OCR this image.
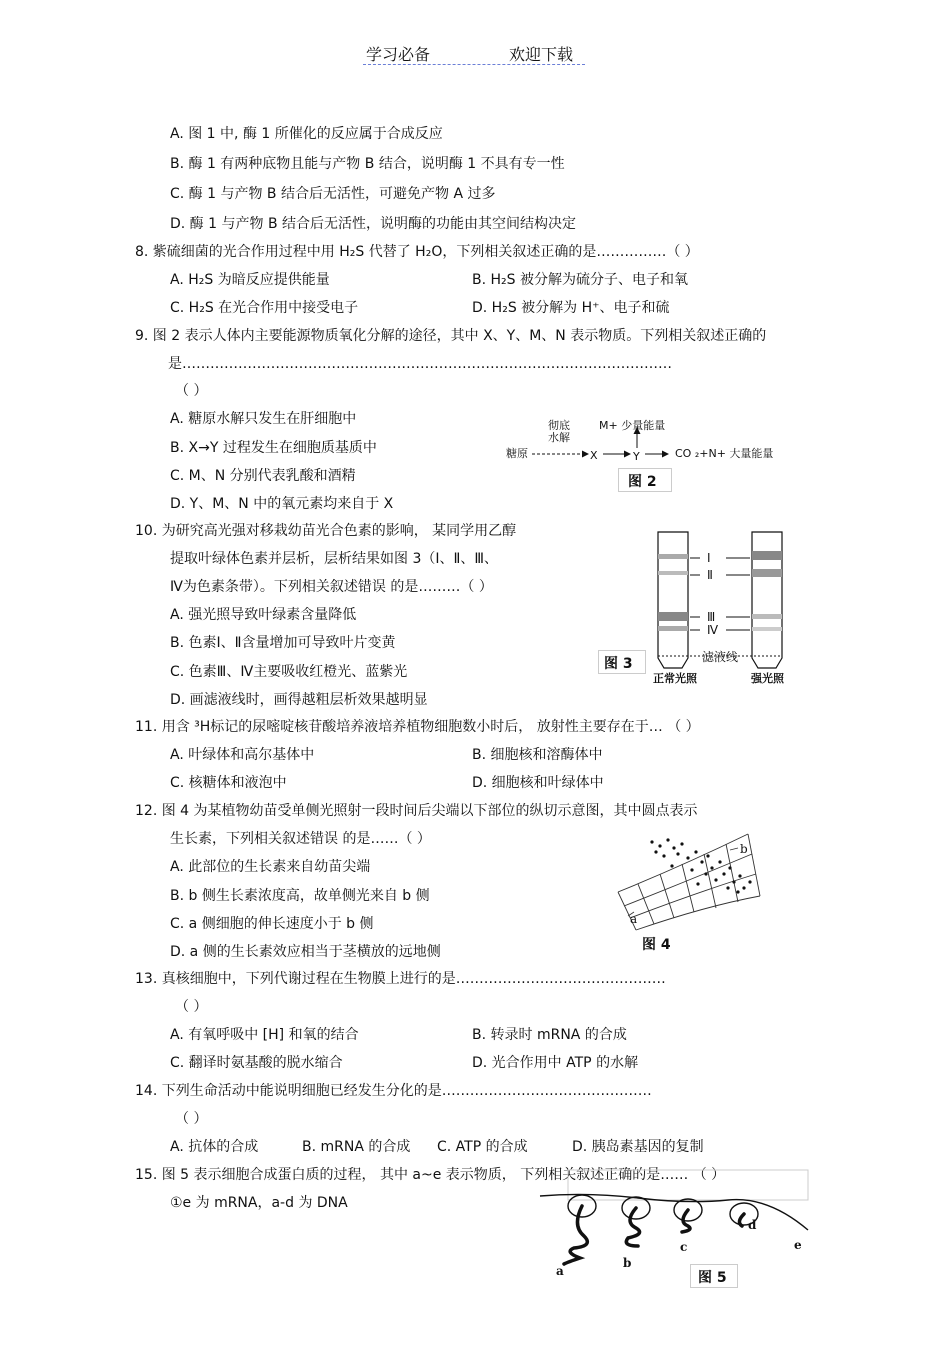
学习必备	欢迎下载
A. 图 1 中, 酶 1 所催化的反应属于合成反应
B. 酶 1 有两种底物且能与产物 B 结合，说明酶 1 不具有专一性
C. 酶 1 与产物 B 结合后无活性，可避免产物 A 过多
D. 酶 1 与产物 B 结合后无活性，说明酶的功能由其空间结构决定
8. 紫硫细菌的光合作用过程中用 H₂S 代替了 H₂O，下列相关叙述正确的是……………（ ）
A. H₂S 为暗反应提供能量	B. H₂S 被分解为硫分子、电子和氧
C. H₂S 在光合作用中接受电子	D. H₂S 被分解为 H⁺、电子和硫
9. 图 2 表示人体内主要能源物质氧化分解的途径，其中 X、Y、M、N 表示物质。下列相关叙述正确的
是……………………………………………………………………………………………
（ ）
A. 糖原水解只发生在肝细胞中
B. X→Y 过程发生在细胞质基质中
C. M、N 分别代表乳酸和酒精
D. Y、M、N 中的氧元素均来自于 X
10. 为研究高光强对移栽幼苗光合色素的影响， 某同学用乙醇
提取叶绿体色素并层析，层析结果如图 3（Ⅰ、Ⅱ、Ⅲ、
Ⅳ为色素条带）。下列相关叙述错误 的是………（ ）
A. 强光照导致叶绿素含量降低
B. 色素Ⅰ、Ⅱ含量增加可导致叶片变黄
C. 色素Ⅲ、Ⅳ主要吸收红橙光、蓝紫光
D. 画滤液线时，画得越粗层析效果越明显
11. 用含 ³H标记的尿嘧啶核苷酸培养液培养植物细胞数小时后， 放射性主要存在于… （ ）
A. 叶绿体和高尔基体中	B. 细胞核和溶酶体中
C. 核糖体和液泡中	D. 细胞核和叶绿体中
12. 图 4 为某植物幼苗受单侧光照射一段时间后尖端以下部位的纵切示意图，其中圆点表示
生长素，下列相关叙述错误 的是……（ ）
A. 此部位的生长素来自幼苗尖端
B. b 侧生长素浓度高，故单侧光来自 b 侧
C. a 侧细胞的伸长速度小于 b 侧
D. a 侧的生长素效应相当于茎横放的远地侧
13. 真核细胞中，下列代谢过程在生物膜上进行的是………………………………………
（ ）
A. 有氧呼吸中 [H] 和氧的结合	B. 转录时 mRNA 的合成
C. 翻译时氨基酸的脱水缩合	D. 光合作用中 ATP 的水解
14. 下列生命活动中能说明细胞已经发生分化的是………………………………………
（ ）
A. 抗体的合成	B. mRNA 的合成 C. ATP 的合成	D. 胰岛素基因的复制
15. 图 5 表示细胞合成蛋白质的过程， 其中 a~e 表示物质， 下列相关叙述正确的是…… （ ）
①e 为 mRNA，a-d 为 DNA
糖原
彻底水解
X	Y
M+ 少量能量
CO ₂+N+ 大量能量
图 2
Ⅰ
Ⅱ
Ⅲ
Ⅳ
滤液线
正常光照	强光照
图 3
b
a
图 4
a
b
c
d
e
图 5
